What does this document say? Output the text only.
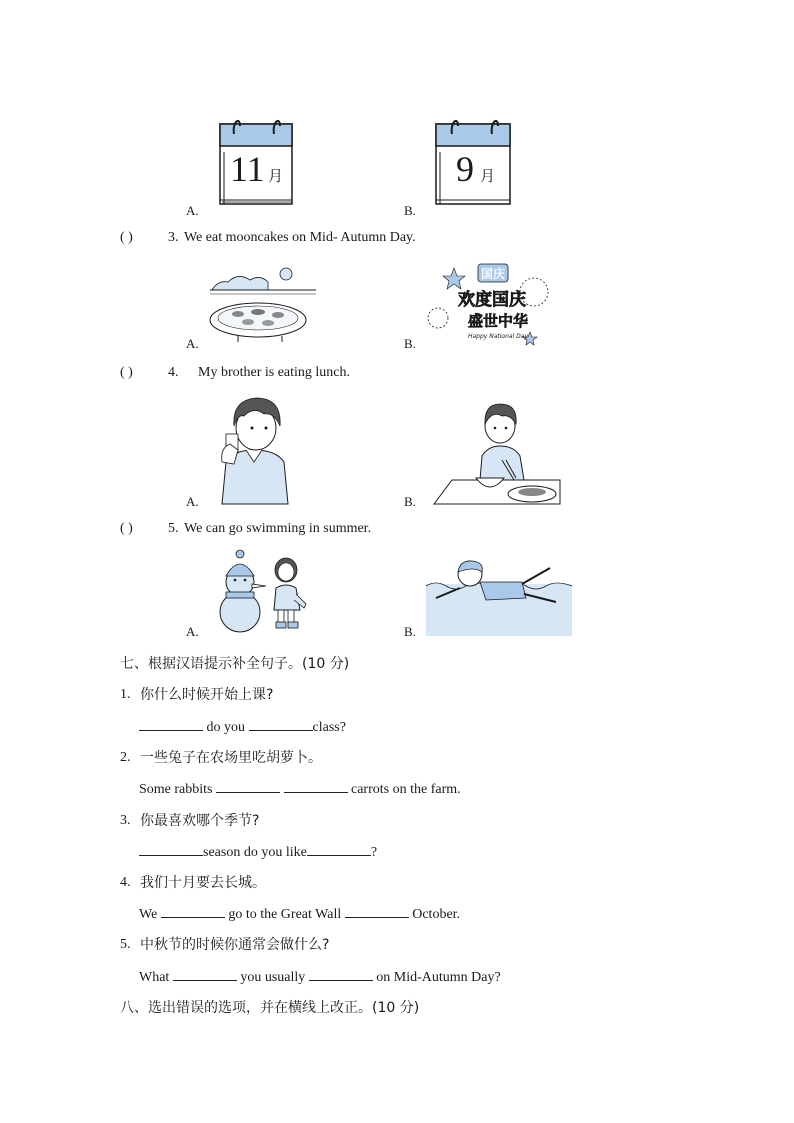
11 月
A.
9 月
B.
( )	3. We eat mooncakes on Mid- Autumn Day.
A.
国庆
欢度国庆
盛世中华
Happy National Day
B.
( )	4. My brother is eating lunch.
A.	B.
( )	5. We can go swimming in summer.
A.	B.
七、根据汉语提示补全句子。(10 分)
1. 你什么时候开始上课?
do you	class?
2. 一些兔子在农场里吃胡萝卜。
Some rabbits	carrots on the farm.
3. 你最喜欢哪个季节?
season do you like	?
4. 我们十月要去长城。
We	go to the Great Wall	October.
5. 中秋节的时候你通常会做什么?
What	you usually	on Mid-Autumn Day?
八、选出错误的选项，并在横线上改正。(10 分)
